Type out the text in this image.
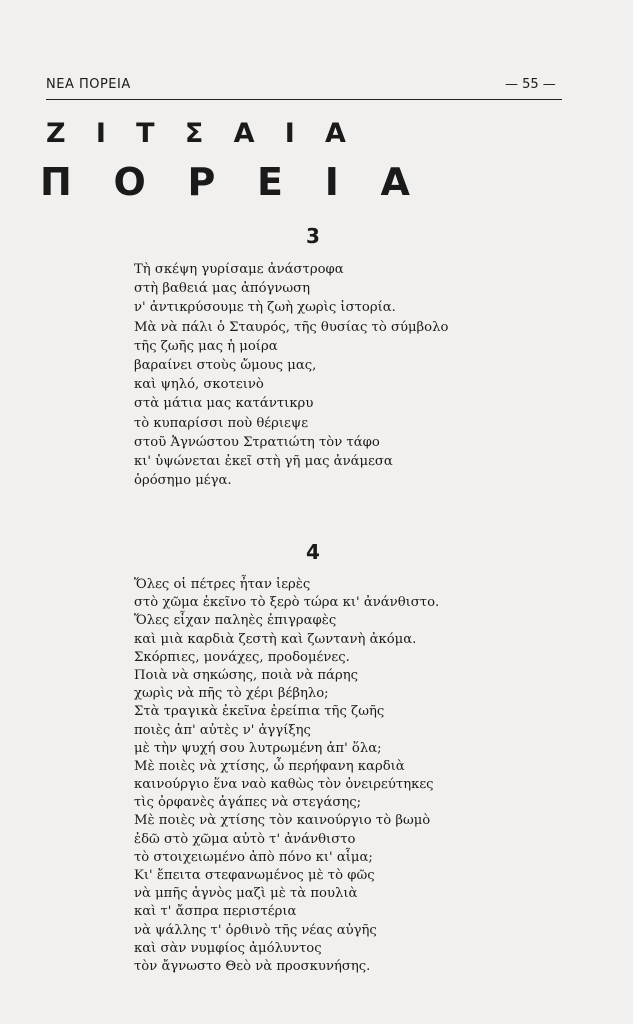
ΝΕΑ ΠΟΡΕΙΑ	— 55 —
Ζ Ι Τ Σ Α Ι Α
Π Ο Ρ Ε Ι Α
3
Τὴ σκέψη γυρίσαμε ἀνάστροφα
στὴ βαθειά μας ἀπόγνωση
ν' ἀντικρύσουμε τὴ ζωὴ χωρὶς ἱστορία.
Μὰ νὰ πάλι ὁ Σταυρός, τῆς θυσίας τὸ σύμβολο
τῆς ζωῆς μας ἡ μοίρα
βαραίνει στοὺς ὤμους μας,
καὶ ψηλό, σκοτεινὸ
στὰ μάτια μας κατάντικρυ
τὸ κυπαρίσσι ποὺ θέριεψε
στοῦ Ἀγνώστου Στρατιώτη τὸν τάφο
κι' ὑψώνεται ἐκεῖ στὴ γῆ μας ἀνάμεσα
ὁρόσημο μέγα.
4
Ὅλες οἱ πέτρες ἦταν ἱερὲς
στὸ χῶμα ἐκεῖνο τὸ ξερὸ τώρα κι' ἀνάνθιστο.
Ὅλες εἶχαν παληὲς ἐπιγραφὲς
καὶ μιὰ καρδιὰ ζεστὴ καὶ ζωντανὴ ἀκόμα.
Σκόρπιες, μονάχες, προδομένες.
Ποιὰ νὰ σηκώσης, ποιὰ νὰ πάρης
χωρὶς νὰ πῆς τὸ χέρι βέβηλο;
Στὰ τραγικὰ ἐκεῖνα ἐρείπια τῆς ζωῆς
ποιὲς ἀπ' αὐτὲς ν' ἀγγίξης
μὲ τὴν ψυχή σου λυτρωμένη ἀπ' ὅλα;
Μὲ ποιὲς νὰ χτίσης, ὦ περήφανη καρδιὰ
καινούργιο ἕνα ναὸ καθὼς τὸν ὀνειρεύτηκες
τὶς ὀρφανὲς ἀγάπες νὰ στεγάσης;
Μὲ ποιὲς νὰ χτίσης τὸν καινούργιο τὸ βωμὸ
ἐδῶ στὸ χῶμα αὐτὸ τ' ἀνάνθιστο
τὸ στοιχειωμένο ἀπὸ πόνο κι' αἷμα;
Κι' ἔπειτα στεφανωμένος μὲ τὸ φῶς
νὰ μπῆς ἁγνὸς μαζὶ μὲ τὰ πουλιὰ
καὶ τ' ἄσπρα περιστέρια
νὰ ψάλλης τ' ὀρθινὸ τῆς νέας αὐγῆς
καὶ σὰν νυμφίος ἀμόλυντος
τὸν ἄγνωστο Θεὸ νὰ προσκυνήσης.
